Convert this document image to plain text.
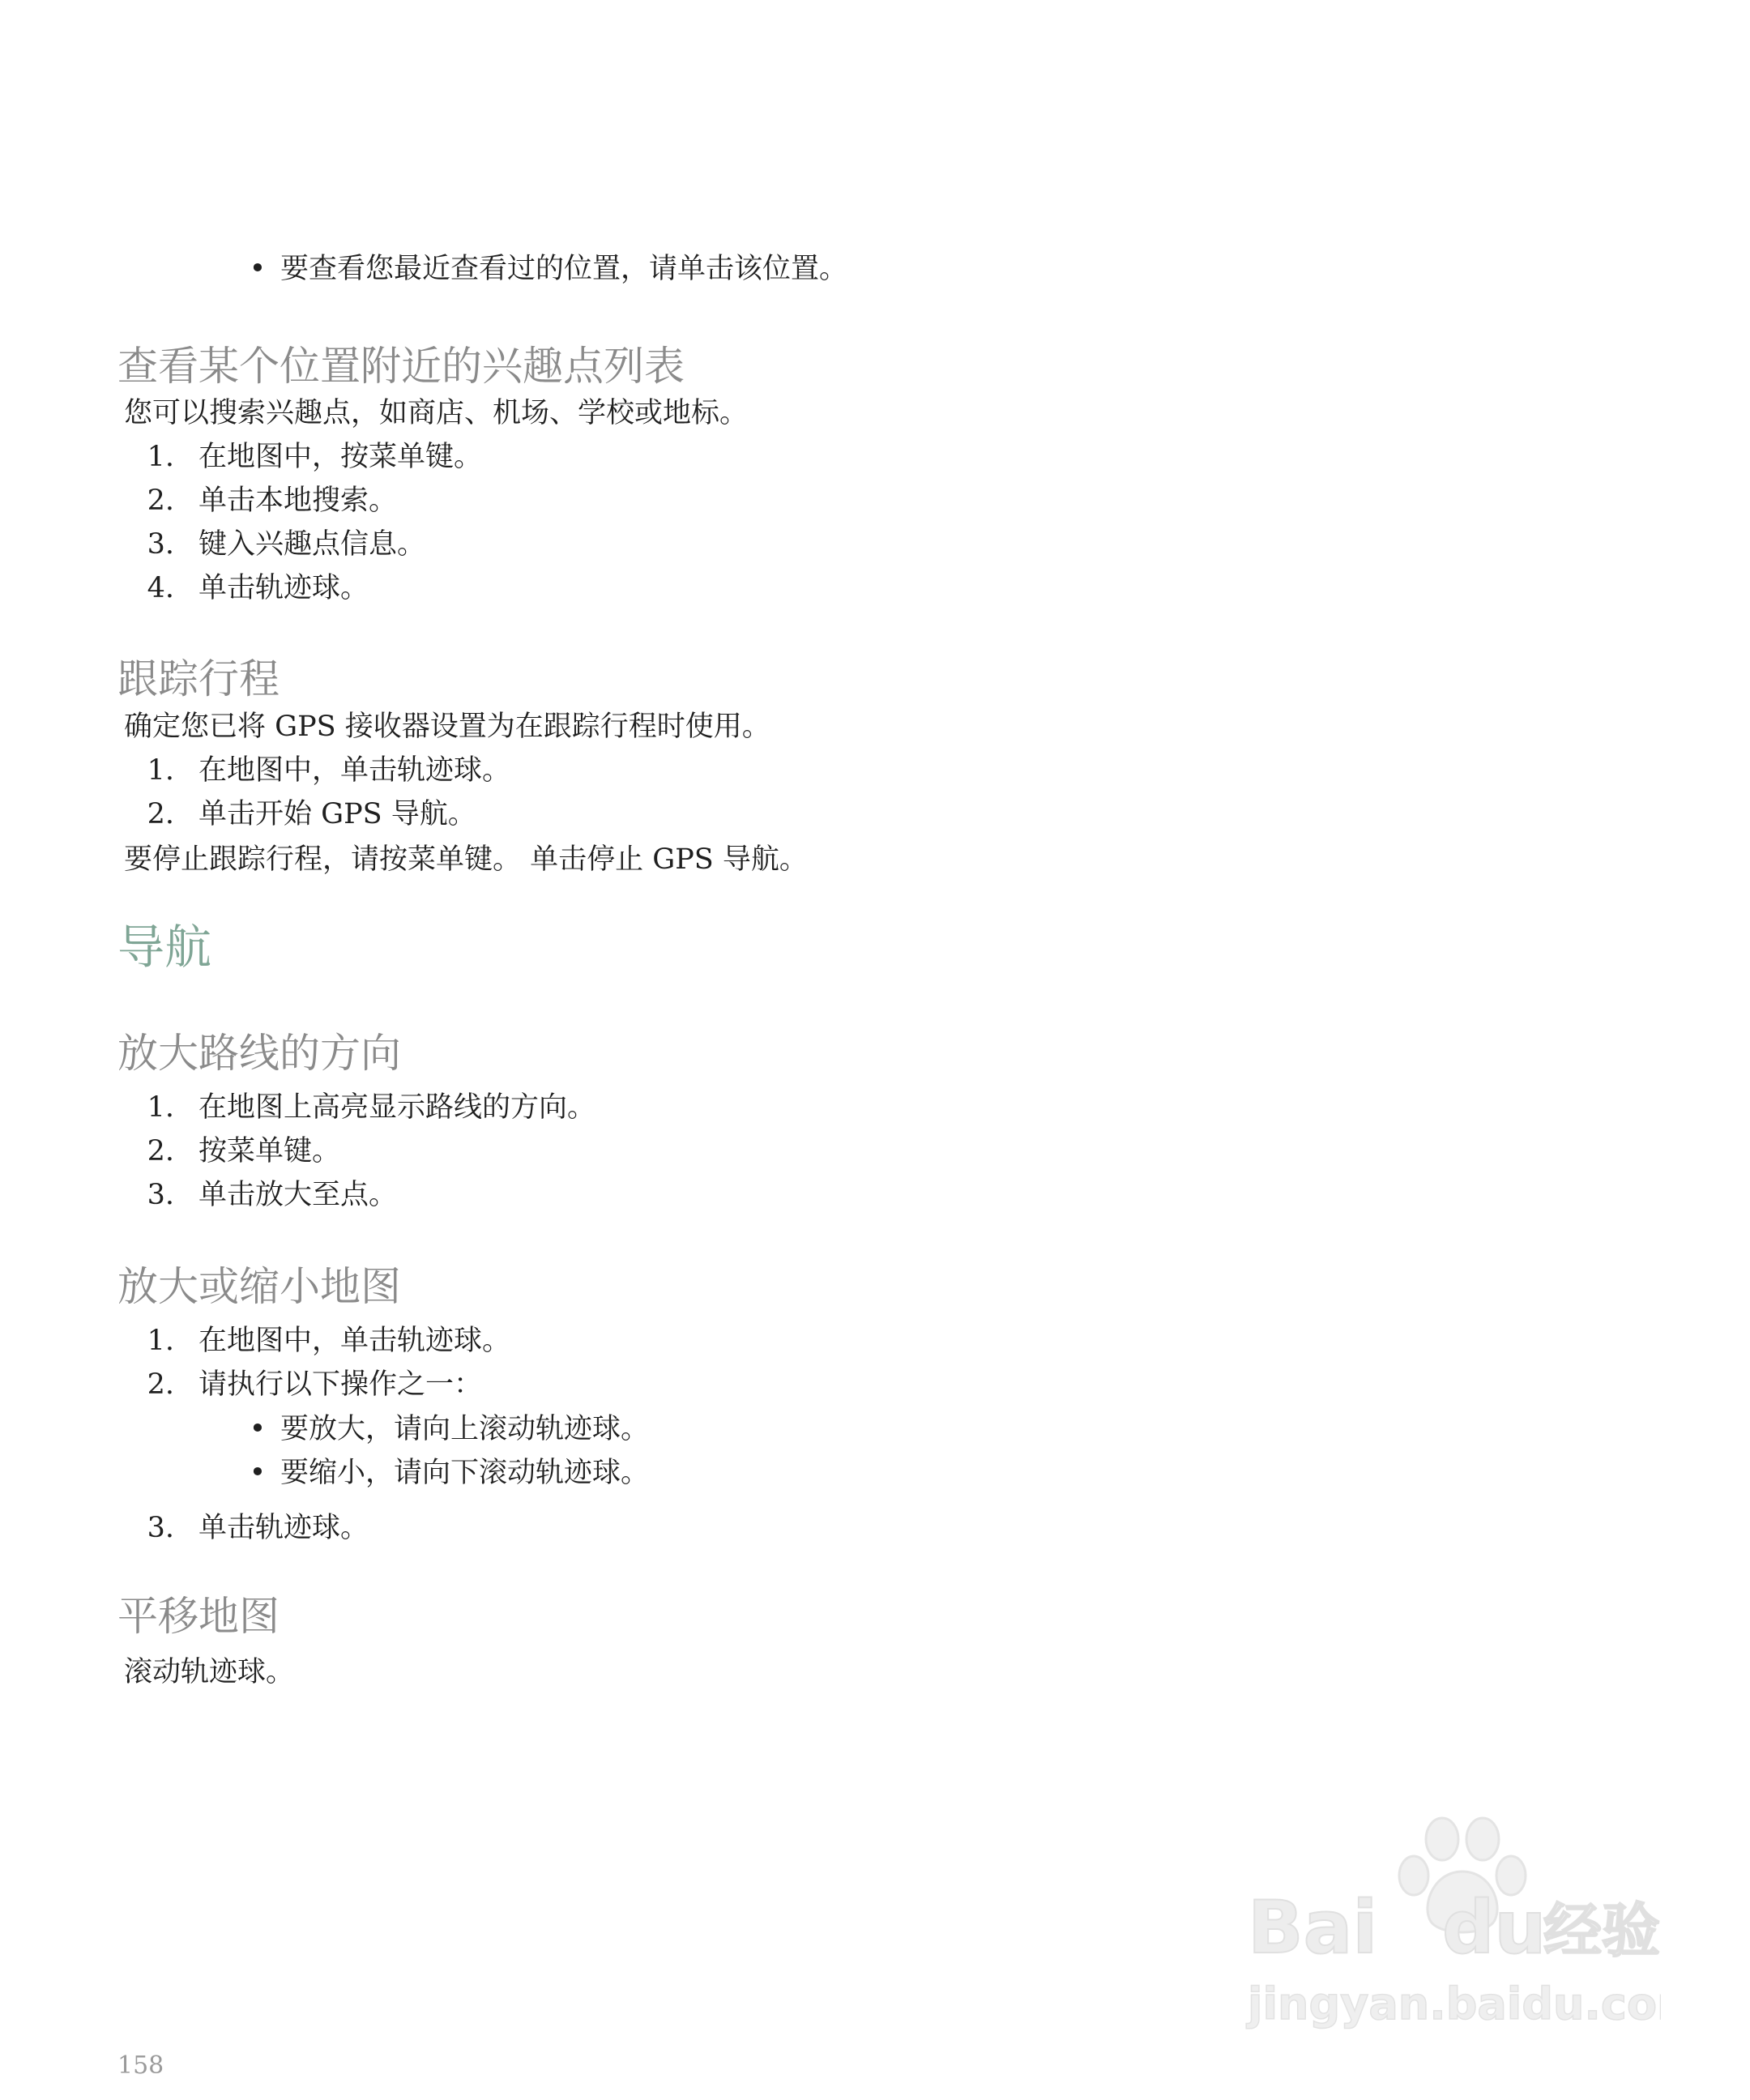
• 要查看您最近查看过的位置，请单击该位置。
查看某个位置附近的兴趣点列表
您可以搜索兴趣点，如商店、机场、学校或地标。
1. 在地图中，按菜单键。
2. 单击本地搜索。
3. 键入兴趣点信息。
4. 单击轨迹球。
跟踪行程
确定您已将 GPS 接收器设置为在跟踪行程时使用。
1. 在地图中，单击轨迹球。
2. 单击开始 GPS 导航。
要停止跟踪行程，请按菜单键。 单击停止 GPS 导航。
导航
放大路线的方向
1. 在地图上高亮显示路线的方向。
2. 按菜单键。
3. 单击放大至点。
放大或缩小地图
1. 在地图中，单击轨迹球。
2. 请执行以下操作之一：
• 要放大，请向上滚动轨迹球。
• 要缩小，请向下滚动轨迹球。
3. 单击轨迹球。
平移地图
滚动轨迹球。
Bai du
经验
jingyan.baidu.com
158
